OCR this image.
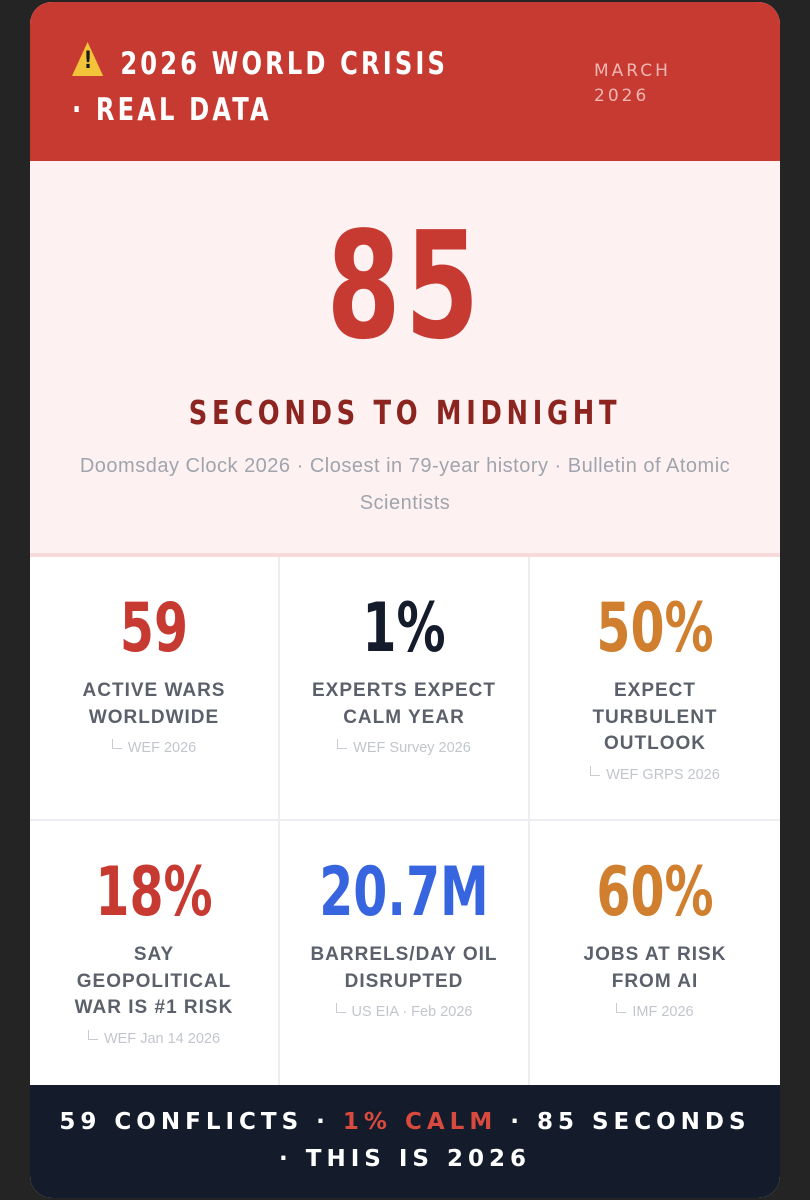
! 2026 WORLD CRISIS · REAL DATA
MARCH 2026
85
SECONDS TO MIDNIGHT
Doomsday Clock 2026 · Closest in 79-year history · Bulletin of Atomic Scientists
59
ACTIVE WARS WORLDWIDE
WEF 2026
1%
EXPERTS EXPECT CALM YEAR
WEF Survey 2026
50%
EXPECT TURBULENT OUTLOOK
WEF GRPS 2026
18%
SAY GEOPOLITICAL WAR IS #1 RISK
WEF Jan 14 2026
20.7M
BARRELS/DAY OIL DISRUPTED
US EIA · Feb 2026
60%
JOBS AT RISK FROM AI
IMF 2026
59 CONFLICTS · 1% CALM · 85 SECONDS · THIS IS 2026
